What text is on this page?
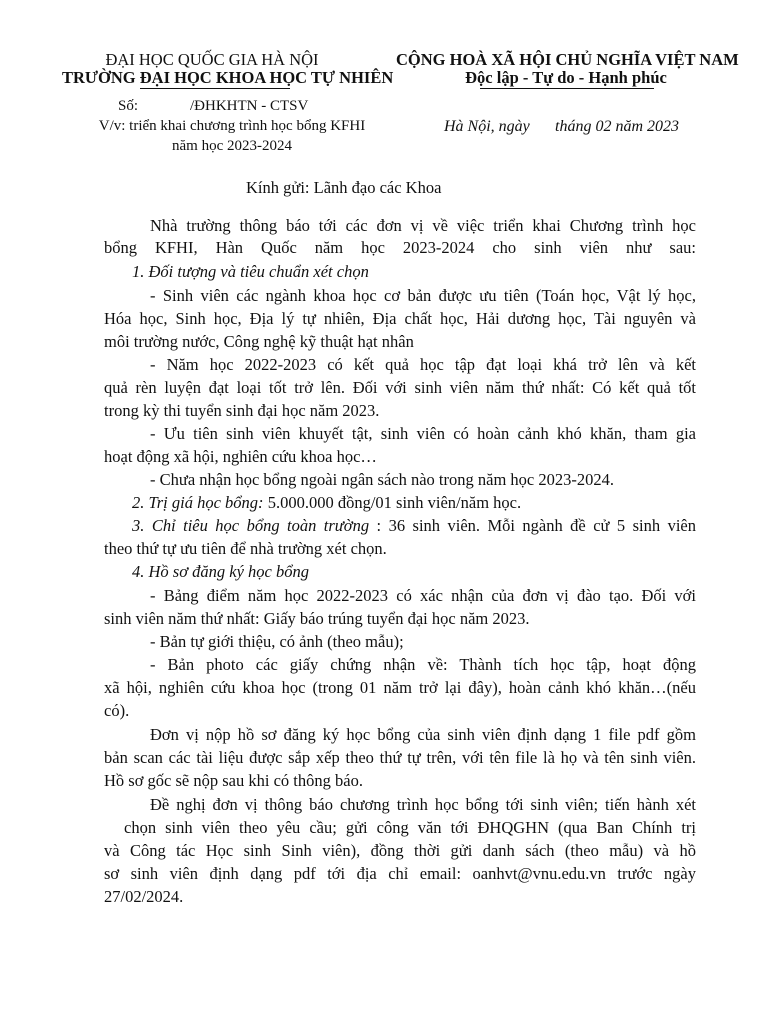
ĐẠI HỌC QUỐC GIA HÀ NỘI
TRƯỜNG ĐẠI HỌC KHOA HỌC TỰ NHIÊN
Số:	/ĐHKHTN - CTSV
V/v: triển khai chương trình học bổng KFHI
năm học 2023-2024
CỘNG HOÀ XÃ HỘI CHỦ NGHĨA VIỆT NAM
Độc lập - Tự do - Hạnh phúc
Hà Nội, ngày tháng 02 năm 2023
Kính gửi: Lãnh đạo các Khoa
Nhà trường thông báo tới các đơn vị về việc triển khai Chương trình học
bổng KFHI, Hàn Quốc năm học 2023-2024 cho sinh viên như sau:
1. Đối tượng và tiêu chuẩn xét chọn
- Sinh viên các ngành khoa học cơ bản được ưu tiên (Toán học, Vật lý học,
Hóa học, Sinh học, Địa lý tự nhiên, Địa chất học, Hải dương học, Tài nguyên và
môi trường nước, Công nghệ kỹ thuật hạt nhân
- Năm học 2022-2023 có kết quả học tập đạt loại khá trở lên và kết
quả rèn luyện đạt loại tốt trở lên. Đối với sinh viên năm thứ nhất: Có kết quả tốt
trong kỳ thi tuyển sinh đại học năm 2023.
- Ưu tiên sinh viên khuyết tật, sinh viên có hoàn cảnh khó khăn, tham gia
hoạt động xã hội, nghiên cứu khoa học…
- Chưa nhận học bổng ngoài ngân sách nào trong năm học 2023-2024.
2. Trị giá học bổng: 5.000.000 đồng/01 sinh viên/năm học.
3. Chỉ tiêu học bổng toàn trường : 36 sinh viên. Mỗi ngành đề cử 5 sinh viên
theo thứ tự ưu tiên để nhà trường xét chọn.
4. Hồ sơ đăng ký học bổng
- Bảng điểm năm học 2022-2023 có xác nhận của đơn vị đào tạo. Đối với
sinh viên năm thứ nhất: Giấy báo trúng tuyển đại học năm 2023.
- Bản tự giới thiệu, có ảnh (theo mẫu);
- Bản photo các giấy chứng nhận về: Thành tích học tập, hoạt động
xã hội, nghiên cứu khoa học (trong 01 năm trở lại đây), hoàn cảnh khó khăn…(nếu
có).
Đơn vị nộp hồ sơ đăng ký học bổng của sinh viên định dạng 1 file pdf gồm
bản scan các tài liệu được sắp xếp theo thứ tự trên, với tên file là họ và tên sinh viên.
Hồ sơ gốc sẽ nộp sau khi có thông báo.
Đề nghị đơn vị thông báo chương trình học bổng tới sinh viên; tiến hành xét
chọn sinh viên theo yêu cầu; gửi công văn tới ĐHQGHN (qua Ban Chính trị
và Công tác Học sinh Sinh viên), đồng thời gửi danh sách (theo mẫu) và hồ
sơ sinh viên định dạng pdf tới địa chỉ email: oanhvt@vnu.edu.vn trước ngày
27/02/2024.
